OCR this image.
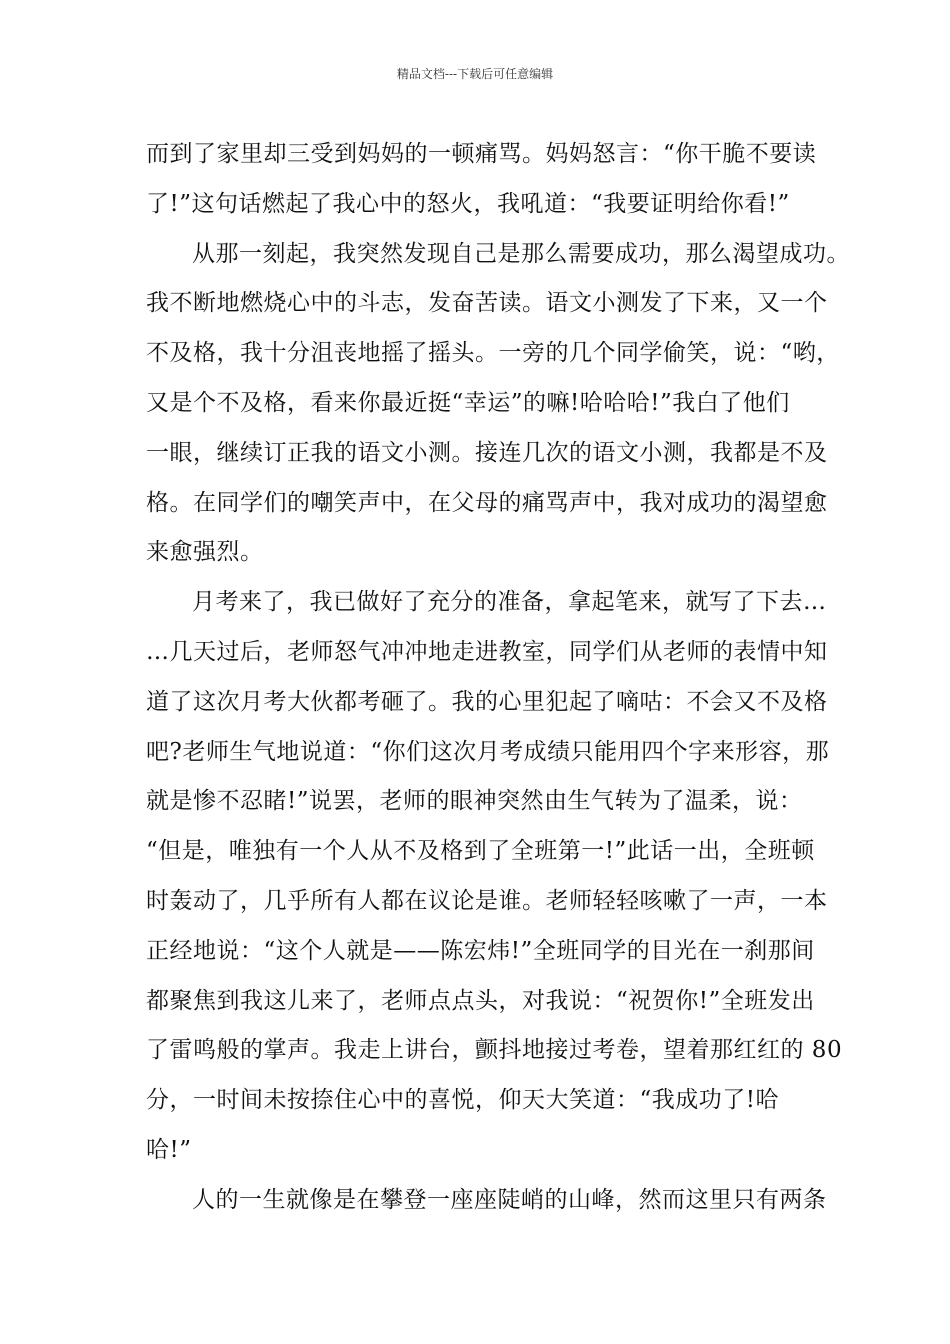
精品文档---下载后可任意编辑
而到了家里却三受到妈妈的一顿痛骂。妈妈怒言：“你干脆不要读
了!”这句话燃起了我心中的怒火，我吼道：“我要证明给你看!”
从那一刻起，我突然发现自己是那么需要成功，那么渴望成功。
我不断地燃烧心中的斗志，发奋苦读。语文小测发了下来，又一个
不及格，我十分沮丧地摇了摇头。一旁的几个同学偷笑，说：“哟，
又是个不及格，看来你最近挺“幸运”的嘛!哈哈哈!”我白了他们
一眼，继续订正我的语文小测。接连几次的语文小测，我都是不及
格。在同学们的嘲笑声中，在父母的痛骂声中，我对成功的渴望愈
来愈强烈。
月考来了，我已做好了充分的准备，拿起笔来，就写了下去…
…几天过后，老师怒气冲冲地走进教室，同学们从老师的表情中知
道了这次月考大伙都考砸了。我的心里犯起了嘀咕：不会又不及格
吧?老师生气地说道：“你们这次月考成绩只能用四个字来形容，那
就是惨不忍睹!”说罢，老师的眼神突然由生气转为了温柔，说：
“但是，唯独有一个人从不及格到了全班第一!”此话一出，全班顿
时轰动了，几乎所有人都在议论是谁。老师轻轻咳嗽了一声，一本
正经地说：“这个人就是——陈宏炜!”全班同学的目光在一刹那间
都聚焦到我这儿来了，老师点点头，对我说：“祝贺你!”全班发出
了雷鸣般的掌声。我走上讲台，颤抖地接过考卷，望着那红红的 80
分，一时间未按捺住心中的喜悦，仰天大笑道：“我成功了!哈
哈!”
人的一生就像是在攀登一座座陡峭的山峰，然而这里只有两条
